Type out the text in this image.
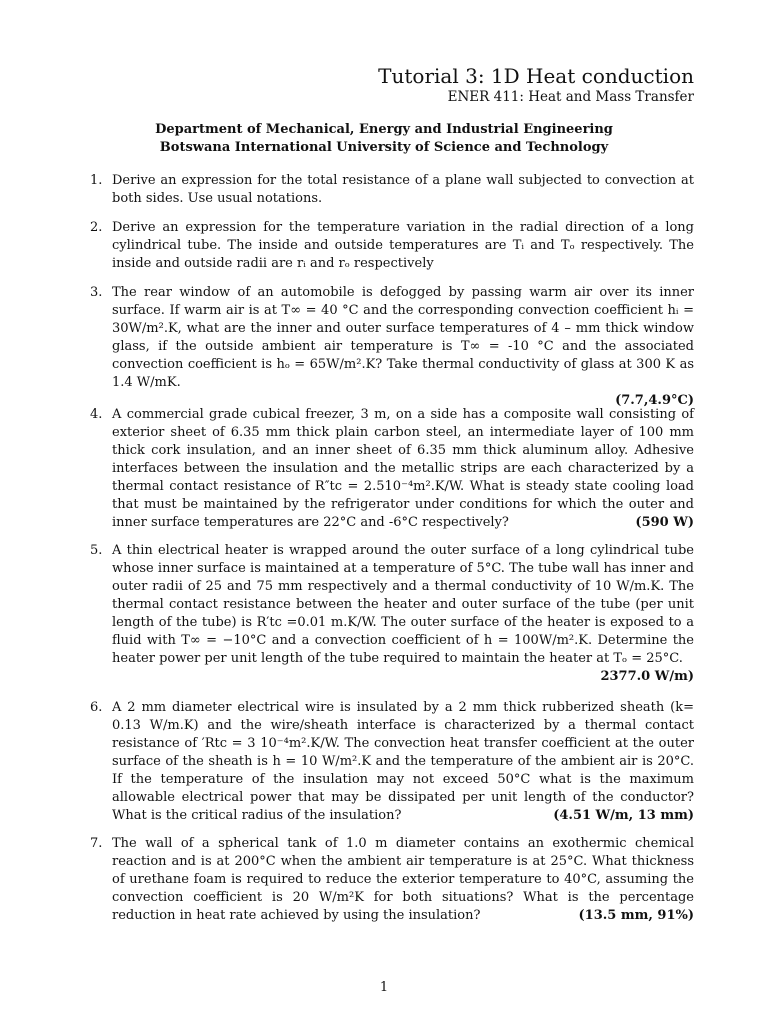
Tutorial 3: 1D Heat conduction
ENER 411: Heat and Mass Transfer
Department of Mechanical, Energy and Industrial Engineering
Botswana International University of Science and Technology
1. Derive an expression for the total resistance of a plane wall subjected to convection at both sides. Use usual notations.
2. Derive an expression for the temperature variation in the radial direction of a long cylindrical tube. The inside and outside temperatures are Tᵢ and Tₒ respectively. The inside and outside radii are rᵢ and rₒ respectively
3. The rear window of an automobile is defogged by passing warm air over its inner surface. If warm air is at T∞ = 40 °C and the corresponding convection coefficient hᵢ = 30W/m².K, what are the inner and outer surface temperatures of 4 – mm thick window glass, if the outside ambient air temperature is T∞ = -10 °C and the associated convection coefficient is hₒ = 65W/m².K? Take thermal conductivity of glass at 300 K as 1.4 W/mK.
(7.7,4.9°C)
4. A commercial grade cubical freezer, 3 m, on a side has a composite wall consisting of exterior sheet of 6.35 mm thick plain carbon steel, an intermediate layer of 100 mm thick cork insulation, and an inner sheet of 6.35 mm thick aluminum alloy. Adhesive interfaces between the insulation and the metallic strips are each characterized by a thermal contact resistance of R″tc = 2.510⁻⁴m².K/W. What is steady state cooling load that must be maintained by the refrigerator under conditions for which the outer and inner surface temperatures are 22°C and -6°C respectively?	(590 W)
5. A thin electrical heater is wrapped around the outer surface of a long cylindrical tube whose inner surface is maintained at a temperature of 5°C. The tube wall has inner and outer radii of 25 and 75 mm respectively and a thermal conductivity of 10 W/m.K. The thermal contact resistance between the heater and outer surface of the tube (per unit length of the tube) is R′tc =0.01 m.K/W. The outer surface of the heater is exposed to a fluid with T∞ = −10°C and a convection coefficient of h = 100W/m².K. Determine the heater power per unit length of the tube required to maintain the heater at Tₒ = 25°C.
2377.0 W/m)
6. A 2 mm diameter electrical wire is insulated by a 2 mm thick rubberized sheath (k= 0.13 W/m.K) and the wire/sheath interface is characterized by a thermal contact resistance of ′Rtc = 3 10⁻⁴m².K/W. The convection heat transfer coefficient at the outer surface of the sheath is h = 10 W/m².K and the temperature of the ambient air is 20°C. If the temperature of the insulation may not exceed 50°C what is the maximum allowable electrical power that may be dissipated per unit length of the conductor? What is the critical radius of the insulation?	(4.51 W/m, 13 mm)
7. The wall of a spherical tank of 1.0 m diameter contains an exothermic chemical reaction and is at 200°C when the ambient air temperature is at 25°C. What thickness of urethane foam is required to reduce the exterior temperature to 40°C, assuming the convection coefficient is 20 W/m²K for both situations? What is the percentage reduction in heat rate achieved by using the insulation?	(13.5 mm, 91%)
1
